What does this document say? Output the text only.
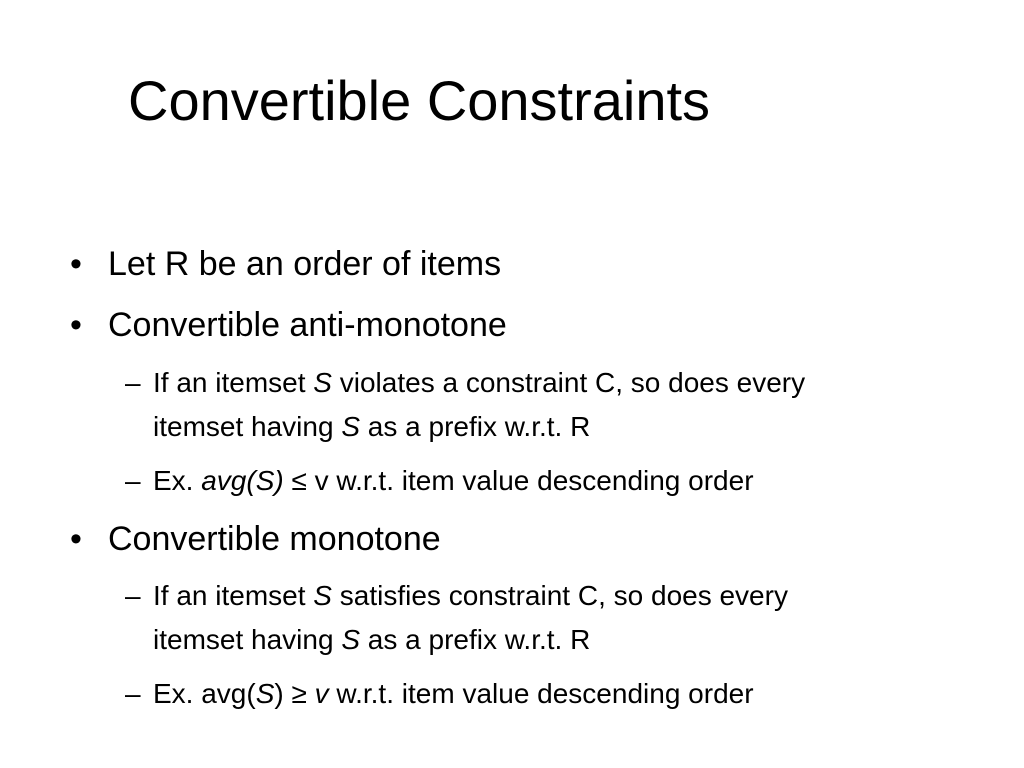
Convertible Constraints
• Let R be an order of items
• Convertible anti-monotone
– If an itemset S violates a constraint C, so does every
itemset having S as a prefix w.r.t. R
– Ex. avg(S) ≤ v w.r.t. item value descending order
• Convertible monotone
– If an itemset S satisfies constraint C, so does every
itemset having S as a prefix w.r.t. R
– Ex. avg(S) ≥ v w.r.t. item value descending order
